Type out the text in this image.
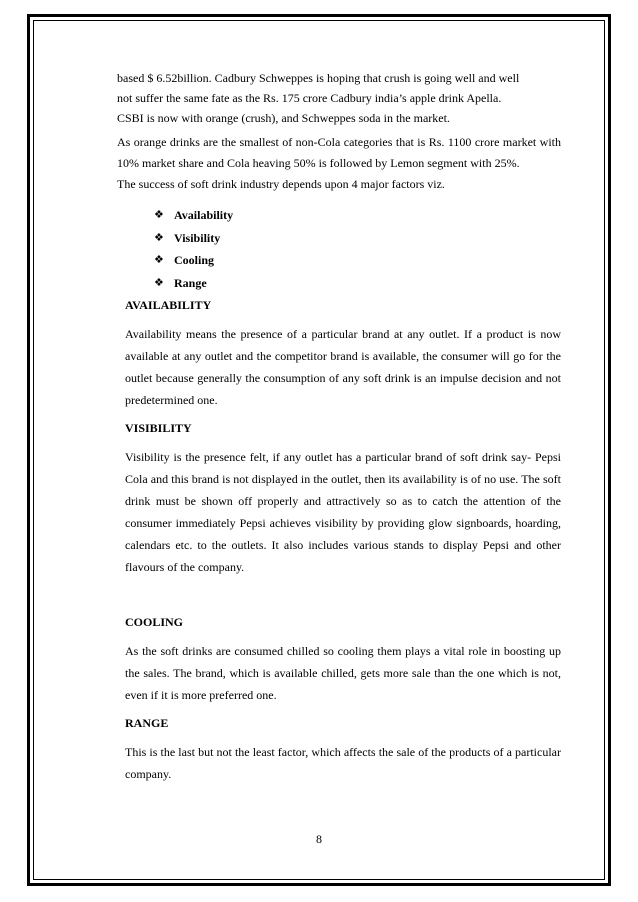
based $ 6.52billion. Cadbury Schweppes is hoping that crush is going well and well
not suffer the same fate as the Rs. 175 crore Cadbury india’s apple drink Apella.
CSBI is now with orange (crush), and Schweppes soda in the market.
As orange drinks are the smallest of non-Cola categories that is Rs. 1100 crore market with 10% market share and Cola heaving 50% is followed by Lemon segment with 25%.
The success of soft drink industry depends upon 4 major factors viz.
❖ Availability
❖ Visibility
❖ Cooling
❖ Range
AVAILABILITY
Availability means the presence of a particular brand at any outlet. If a product is now available at any outlet and the competitor brand is available, the consumer will go for the outlet because generally the consumption of any soft drink is an impulse decision and not predetermined one.
VISIBILITY
Visibility is the presence felt, if any outlet has a particular brand of soft drink say- Pepsi Cola and this brand is not displayed in the outlet, then its availability is of no use. The soft drink must be shown off properly and attractively so as to catch the attention of the consumer immediately Pepsi achieves visibility by providing glow signboards, hoarding, calendars etc. to the outlets. It also includes various stands to display Pepsi and other flavours of the company.
COOLING
As the soft drinks are consumed chilled so cooling them plays a vital role in boosting up the sales. The brand, which is available chilled, gets more sale than the one which is not, even if it is more preferred one.
RANGE
This is the last but not the least factor, which affects the sale of the products of a particular company.
8
